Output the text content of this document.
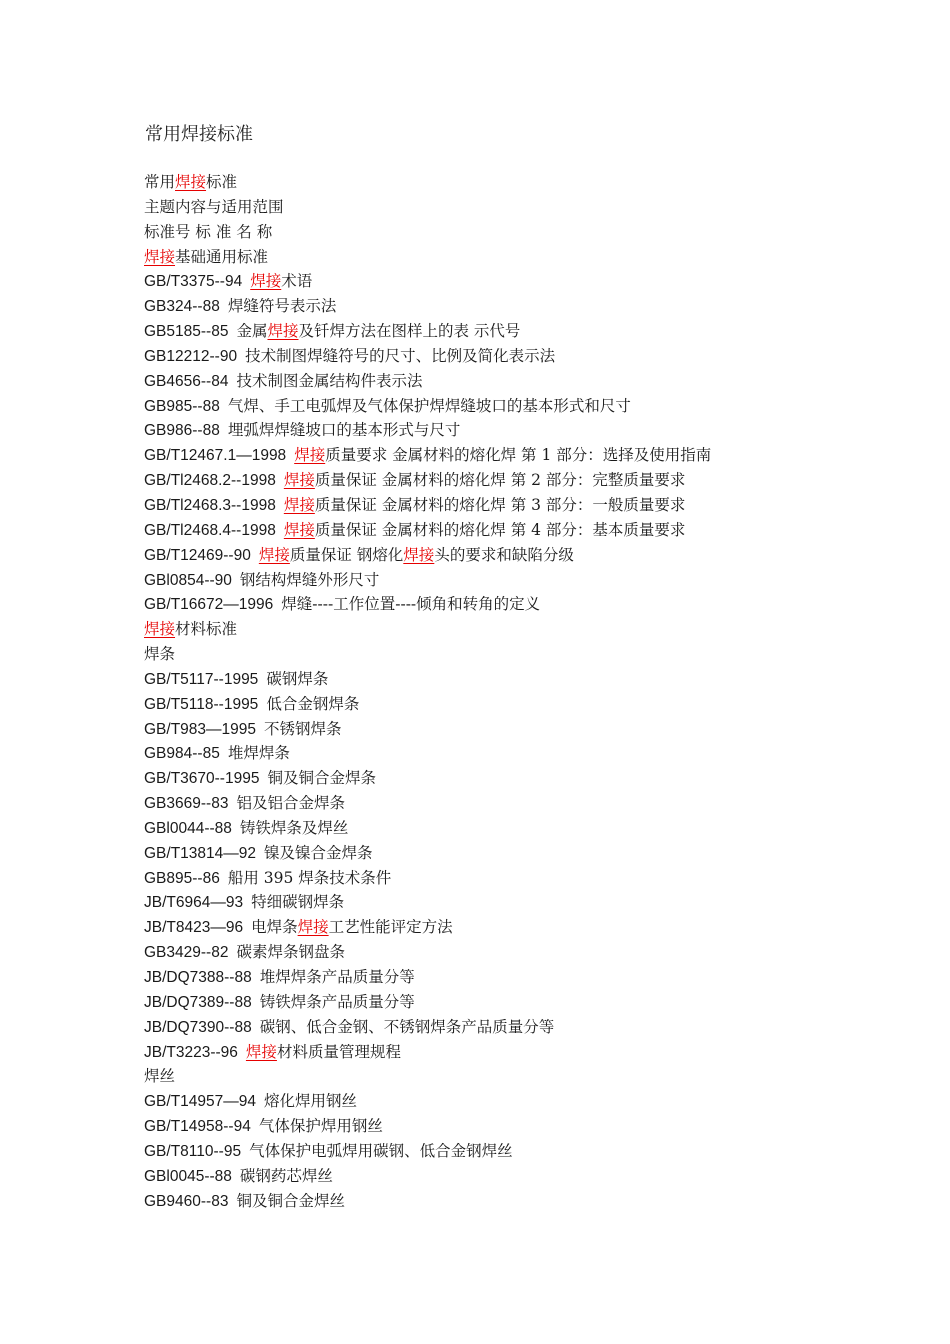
常用焊接标准
常用焊接标准
主题内容与适用范围
标准号 标 准 名 称
焊接基础通用标准
GB/T3375--94 焊接术语
GB324--88 焊缝符号表示法
GB5185--85 金属焊接及钎焊方法在图样上的表 示代号
GB12212--90 技术制图焊缝符号的尺寸、比例及简化表示法
GB4656--84 技术制图金属结构件表示法
GB985--88 气焊、手工电弧焊及气体保护焊焊缝坡口的基本形式和尺寸
GB986--88 埋弧焊焊缝坡口的基本形式与尺寸
GB/T12467.1—1998 焊接质量要求 金属材料的熔化焊 第 1 部分：选择及使用指南
GB/Tl2468.2--1998 焊接质量保证 金属材料的熔化焊 第 2 部分：完整质量要求
GB/Tl2468.3--1998 焊接质量保证 金属材料的熔化焊 第 3 部分：一般质量要求
GB/Tl2468.4--1998 焊接质量保证 金属材料的熔化焊 第 4 部分：基本质量要求
GB/T12469--90 焊接质量保证 钢熔化焊接头的要求和缺陷分级
GBl0854--90 钢结构焊缝外形尺寸
GB/T16672—1996 焊缝----工作位置----倾角和转角的定义
焊接材料标准
焊条
GB/T5117--1995 碳钢焊条
GB/T5118--1995 低合金钢焊条
GB/T983—1995 不锈钢焊条
GB984--85 堆焊焊条
GB/T3670--1995 铜及铜合金焊条
GB3669--83 铝及铝合金焊条
GBl0044--88 铸铁焊条及焊丝
GB/T13814—92 镍及镍合金焊条
GB895--86 船用 395 焊条技术条件
JB/T6964—93 特细碳钢焊条
JB/T8423—96 电焊条焊接工艺性能评定方法
GB3429--82 碳素焊条钢盘条
JB/DQ7388--88 堆焊焊条产品质量分等
JB/DQ7389--88 铸铁焊条产品质量分等
JB/DQ7390--88 碳钢、低合金钢、不锈钢焊条产品质量分等
JB/T3223--96 焊接材料质量管理规程
焊丝
GB/T14957—94 熔化焊用钢丝
GB/T14958--94 气体保护焊用钢丝
GB/T8110--95 气体保护电弧焊用碳钢、低合金钢焊丝
GBl0045--88 碳钢药芯焊丝
GB9460--83 铜及铜合金焊丝
